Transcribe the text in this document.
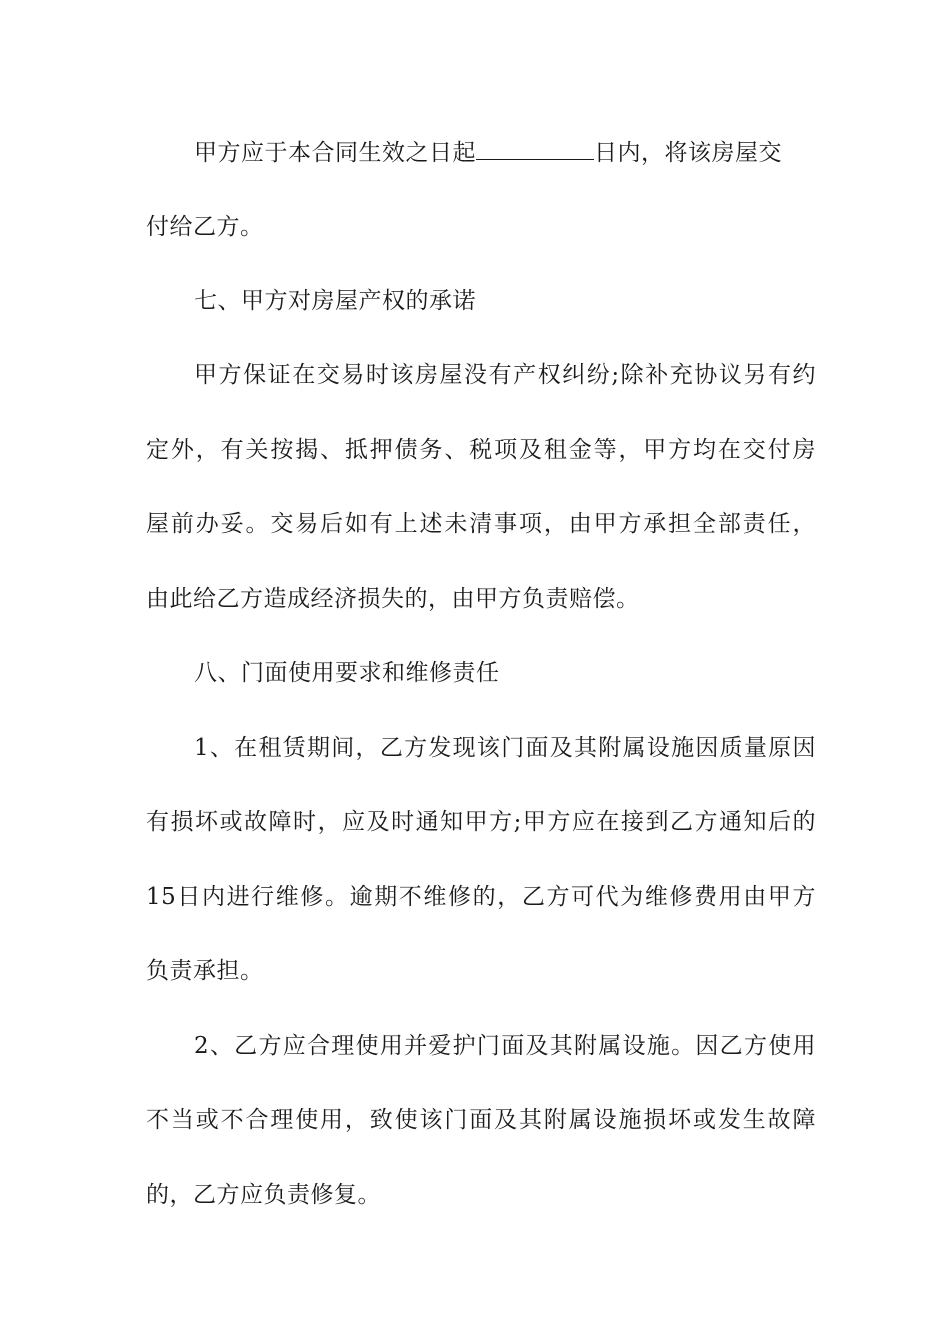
甲方应于本合同生效之日起	日内，将该房屋交
付给乙方。
七、甲方对房屋产权的承诺
甲方保证在交易时该房屋没有产权纠纷;除补充协议另有约
定外，有关按揭、抵押债务、税项及租金等，甲方均在交付房
屋前办妥。交易后如有上述未清事项，由甲方承担全部责任，
由此给乙方造成经济损失的，由甲方负责赔偿。
八、门面使用要求和维修责任
1、在租赁期间，乙方发现该门面及其附属设施因质量原因
有损坏或故障时，应及时通知甲方;甲方应在接到乙方通知后的
15日内进行维修。逾期不维修的，乙方可代为维修费用由甲方
负责承担。
2、乙方应合理使用并爱护门面及其附属设施。因乙方使用
不当或不合理使用，致使该门面及其附属设施损坏或发生故障
的，乙方应负责修复。
